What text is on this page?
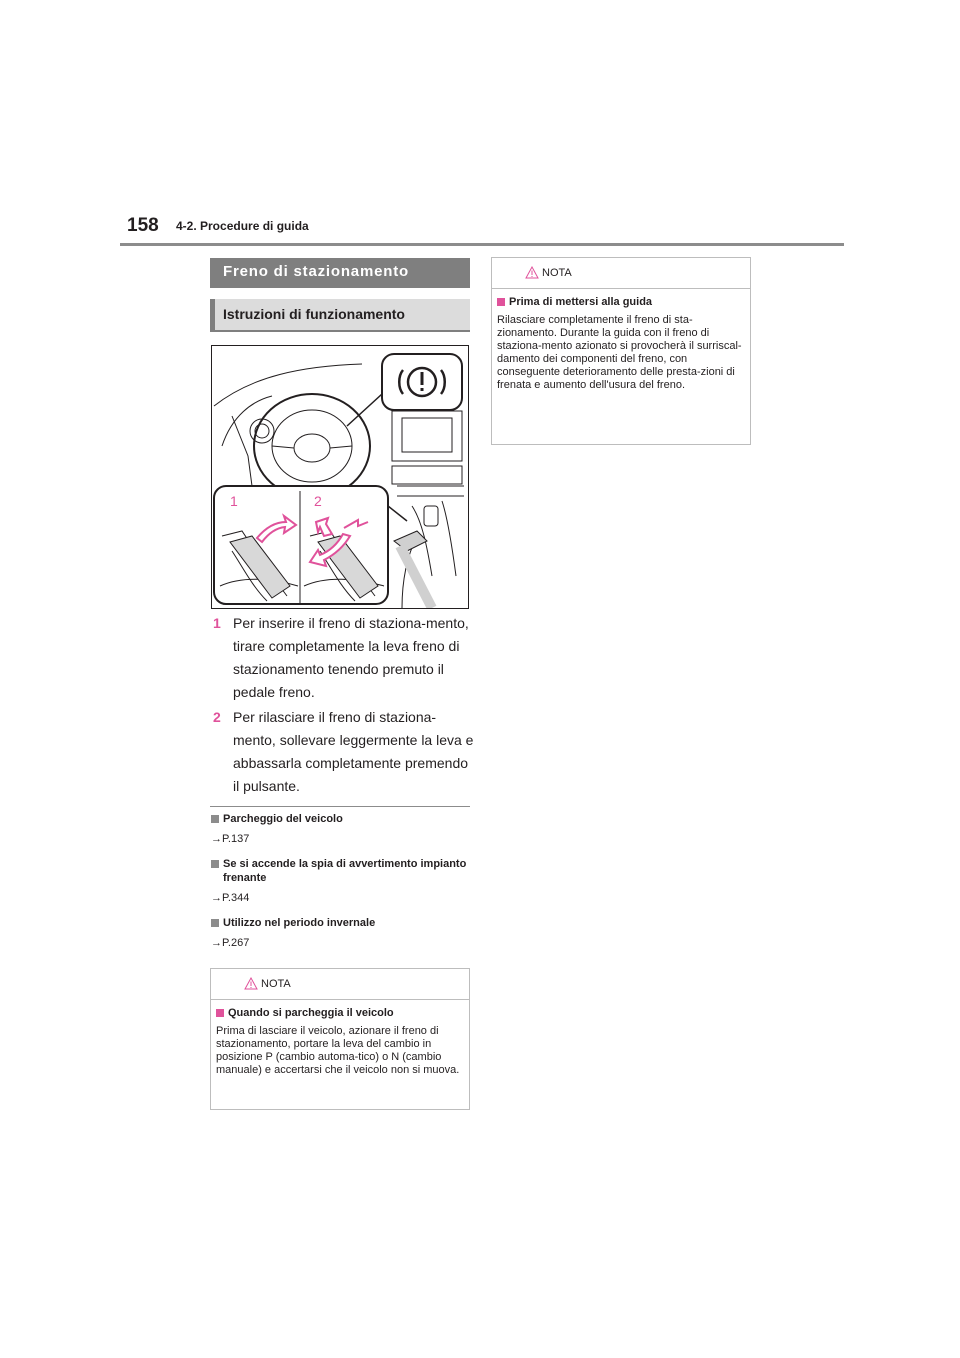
158 4-2. Procedure di guida
Freno di stazionamento
Istruzioni di funzionamento
1	2
1 Per inserire il freno di staziona-mento, tirare completamente la leva freno di stazionamento tenendo premuto il pedale freno.
2 Per rilasciare il freno di staziona-mento, sollevare leggermente la leva e abbassarla completamente premendo il pulsante.
Parcheggio del veicolo
→P.137
Se si accende la spia di avvertimento impianto frenante
→P.344
Utilizzo nel periodo invernale
→P.267
NOTA
Quando si parcheggia il veicolo
Prima di lasciare il veicolo, azionare il freno di stazionamento, portare la leva del cambio in posizione P (cambio automa-tico) o N (cambio manuale) e accertarsi che il veicolo non si muova.
NOTA
Prima di mettersi alla guida
Rilasciare completamente il freno di sta-zionamento. Durante la guida con il freno di staziona-mento azionato si provocherà il surriscal-damento dei componenti del freno, con conseguente deterioramento delle presta-zioni di frenata e aumento dell'usura del freno.
